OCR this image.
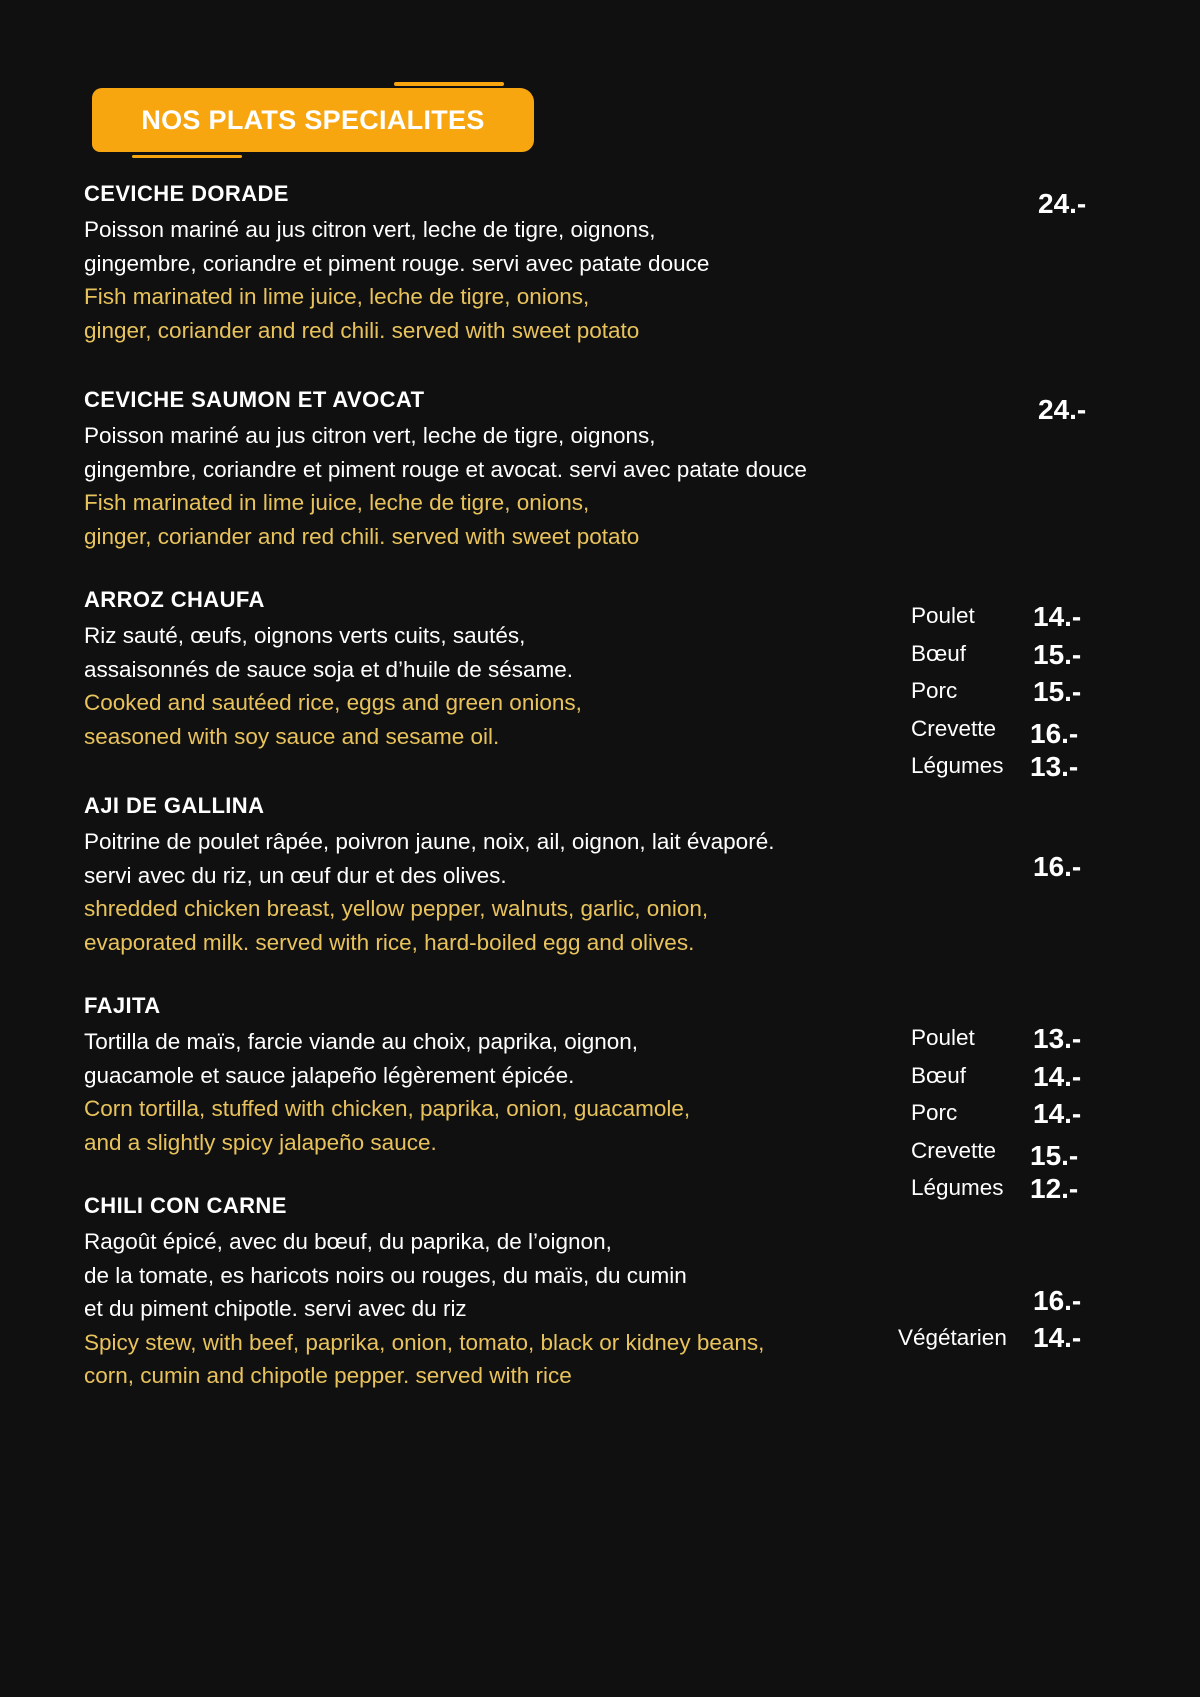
NOS PLATS SPECIALITES
CEVICHE DORADE
Poisson mariné au jus citron vert, leche de tigre, oignons,
gingembre, coriandre et piment rouge. servi avec patate douce
Fish marinated in lime juice, leche de tigre, onions,
ginger, coriander and red chili. served with sweet potato
24.-
CEVICHE SAUMON ET AVOCAT
Poisson mariné au jus citron vert, leche de tigre, oignons,
gingembre, coriandre et piment rouge et avocat. servi avec patate douce
Fish marinated in lime juice, leche de tigre, onions,
ginger, coriander and red chili. served with sweet potato
24.-
ARROZ CHAUFA
Riz sauté, œufs, oignons verts cuits, sautés,
assaisonnés de sauce soja et d’huile de sésame.
Cooked and sautéed rice, eggs and green onions,
seasoned with soy sauce and sesame oil.
Poulet 14.-
Bœuf 15.-
Porc	15.-
Crevette 16.-
Légumes 13.-
AJI DE GALLINA
Poitrine de poulet râpée, poivron jaune, noix, ail, oignon, lait évaporé.
servi avec du riz, un œuf dur et des olives.
shredded chicken breast, yellow pepper, walnuts, garlic, onion,
evaporated milk. served with rice, hard-boiled egg and olives.
16.-
FAJITA
Tortilla de maïs, farcie viande au choix, paprika, oignon,
guacamole et sauce jalapeño légèrement épicée.
Corn tortilla, stuffed with chicken, paprika, onion, guacamole,
and a slightly spicy jalapeño sauce.
Poulet 13.-
Bœuf 14.-
Porc	14.-
Crevette 15.-
Légumes 12.-
CHILI CON CARNE
Ragoût épicé, avec du bœuf, du paprika, de l’oignon,
de la tomate, es haricots noirs ou rouges, du maïs, du cumin
et du piment chipotle. servi avec du riz
Spicy stew, with beef, paprika, onion, tomato, black or kidney beans,
corn, cumin and chipotle pepper. served with rice
16.-
Végétarien 14.-
